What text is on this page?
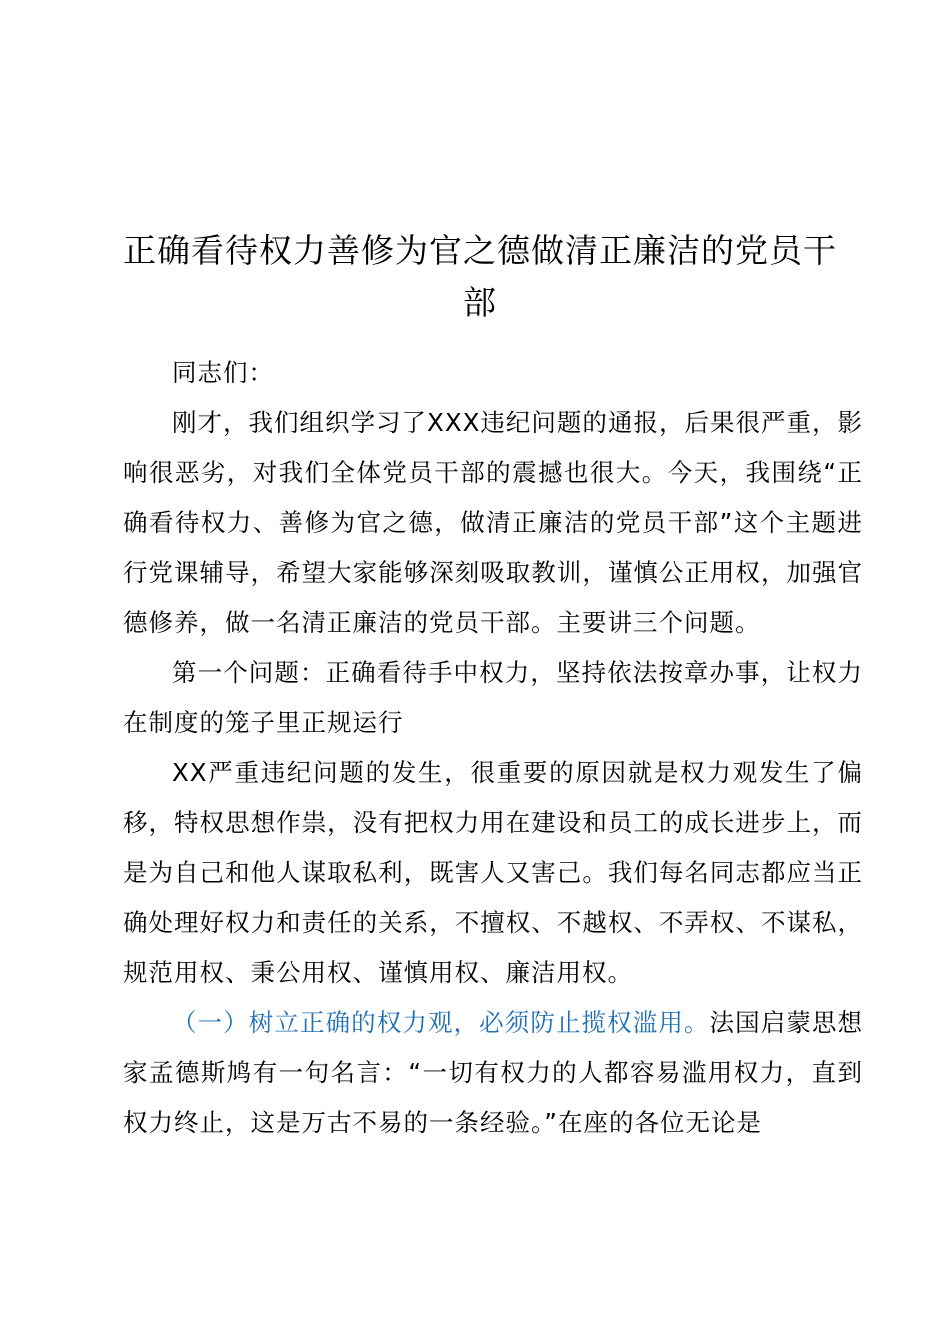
正确看待权力善修为官之德做清正廉洁的党员干部

同志们：

刚才，我们组织学习了XXX违纪问题的通报，后果很严重，影响很恶劣，对我们全体党员干部的震撼也很大。今天，我围绕“正确看待权力、善修为官之德，做清正廉洁的党员干部”这个主题进行党课辅导，希望大家能够深刻吸取教训，谨慎公正用权，加强官德修养，做一名清正廉洁的党员干部。主要讲三个问题。

第一个问题：正确看待手中权力，坚持依法按章办事，让权力在制度的笼子里正规运行

XX严重违纪问题的发生，很重要的原因就是权力观发生了偏移，特权思想作祟，没有把权力用在建设和员工的成长进步上，而是为自己和他人谋取私利，既害人又害己。我们每名同志都应当正确处理好权力和责任的关系，不擅权、不越权、不弄权、不谋私，规范用权、秉公用权、谨慎用权、廉洁用权。

（一）树立正确的权力观，必须防止揽权滥用。法国启蒙思想家孟德斯鸠有一句名言：“一切有权力的人都容易滥用权力，直到权力终止，这是万古不易的一条经验。”在座的各位无论是
